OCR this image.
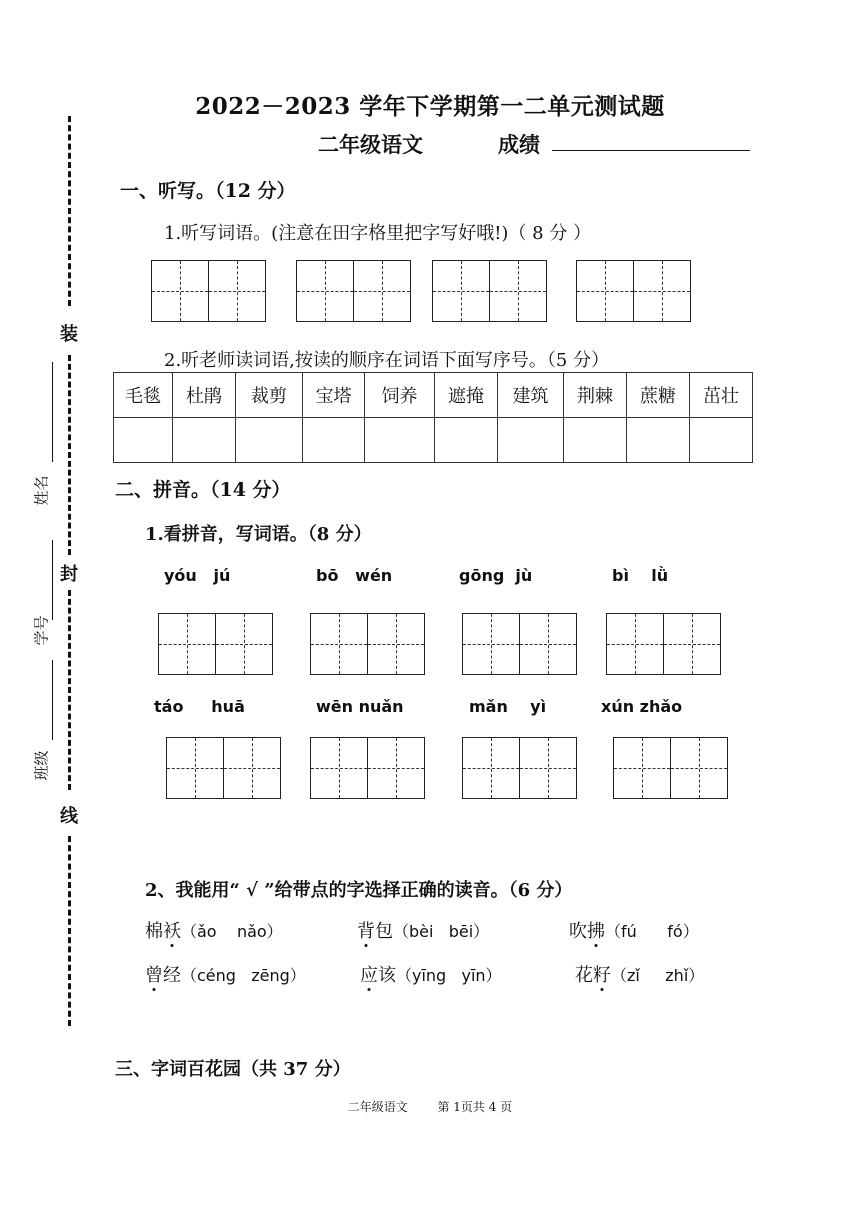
装
封
线
姓名
学号
班级
2022－2023 学年下学期第一二单元测试题
二年级语文	成绩
一、听写。（12 分）
1.听写词语。(注意在田字格里把字写好哦!)（ 8 分 ）
2.听老师读词语,按读的顺序在词语下面写序号。（5 分）
毛毯	杜鹃	裁剪	宝塔	饲养	遮掩	建筑	荆棘	蔗糖	茁壮

二、拼音。（14 分）
1.看拼音，写词语。（8 分）
yóu   jú	bō   wén	gōng  jù	bì    lǜ
táo     huā	wēn nuǎn	mǎn    yì	xún zhǎo
2、我能用“ √ ”给带点的字选择正确的读音。（6 分）
棉袄（ǎo    nǎo）	背包（bèi   bēi）	吹拂（fú      fó）
曾经（céng   zēng）	应该（yīng   yīn）	花籽（zǐ     zhǐ）
三、字词百花园（共 37 分）
二年级语文 第 1页共 4 页
